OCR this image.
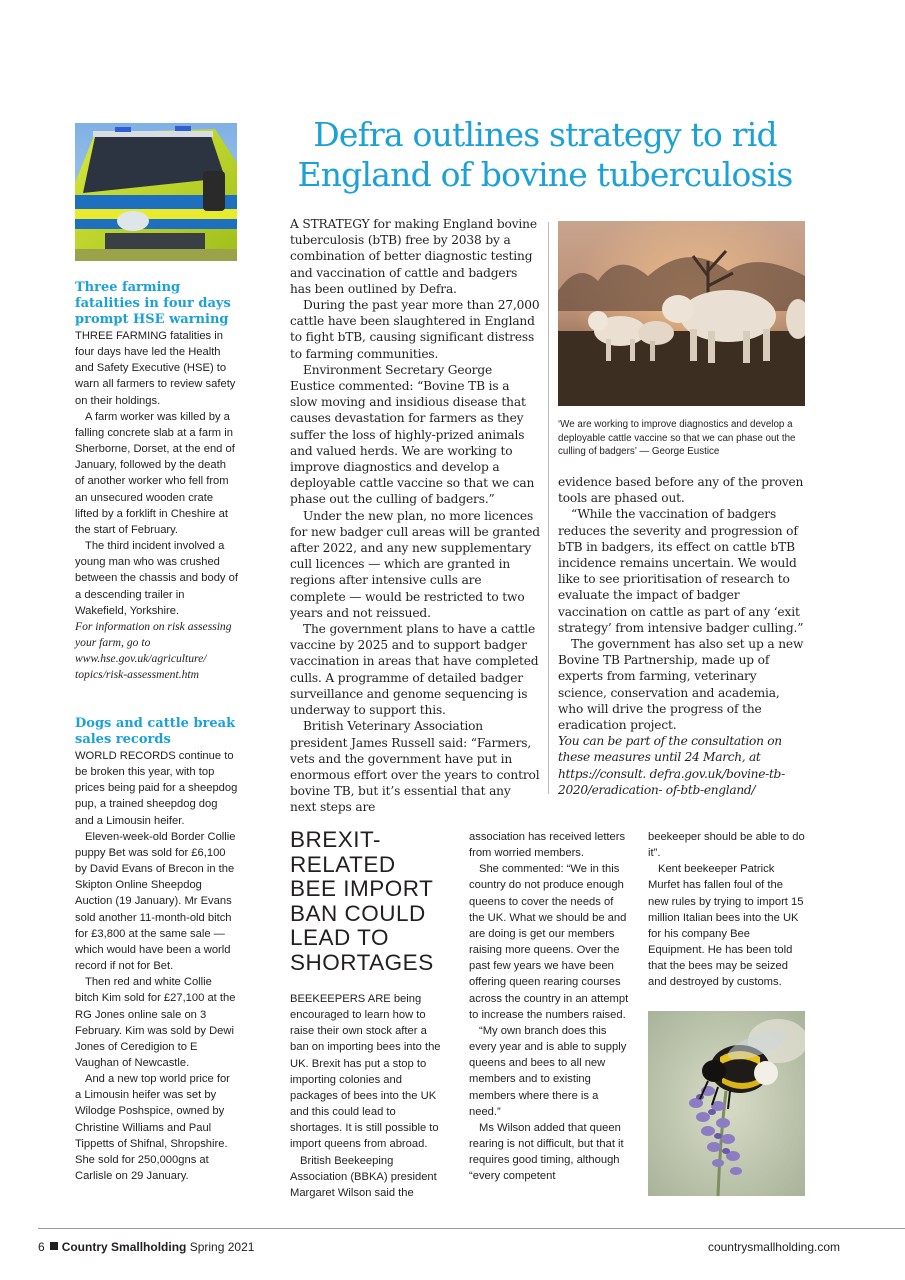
Three farming fatalities in four days prompt HSE warning

THREE FARMING fatalities in four days have led the Health and Safety Executive (HSE) to warn all farmers to review safety on their holdings.

A farm worker was killed by a falling concrete slab at a farm in Sherborne, Dorset, at the end of January, followed by the death of another worker who fell from an unsecured wooden crate lifted by a forklift in Cheshire at the start of February.

The third incident involved a young man who was crushed between the chassis and body of a descending trailer in Wakefield, Yorkshire.

For information on risk assessing your farm, go to www.hse.gov.uk/agriculture/ topics/risk-assessment.htm

Dogs and cattle break sales records

WORLD RECORDS continue to be broken this year, with top prices being paid for a sheepdog pup, a trained sheepdog dog and a Limousin heifer.

Eleven-week-old Border Collie puppy Bet was sold for £6,100 by David Evans of Brecon in the Skipton Online Sheepdog Auction (19 January). Mr Evans sold another 11-month-old bitch for £3,800 at the same sale — which would have been a world record if not for Bet.

Then red and white Collie bitch Kim sold for £27,100 at the RG Jones online sale on 3 February. Kim was sold by Dewi Jones of Ceredigion to E Vaughan of Newcastle.

And a new top world price for a Limousin heifer was set by Wilodge Poshspice, owned by Christine Williams and Paul Tippetts of Shifnal, Shropshire. She sold for 250,000gns at Carlisle on 29 January.

Defra outlines strategy to rid England of bovine tuberculosis

A STRATEGY for making England bovine tuberculosis (bTB) free by 2038 by a combination of better diagnostic testing and vaccination of cattle and badgers has been outlined by Defra.

During the past year more than 27,000 cattle have been slaughtered in England to fight bTB, causing significant distress to farming communities.

Environment Secretary George Eustice commented: “Bovine TB is a slow moving and insidious disease that causes devastation for farmers as they suffer the loss of highly-prized animals and valued herds. We are working to improve diagnostics and develop a deployable cattle vaccine so that we can phase out the culling of badgers.”

Under the new plan, no more licences for new badger cull areas will be granted after 2022, and any new supplementary cull licences — which are granted in regions after intensive culls are complete — would be restricted to two years and not reissued.

The government plans to have a cattle vaccine by 2025 and to support badger vaccination in areas that have completed culls. A programme of detailed badger surveillance and genome sequencing is underway to support this.

British Veterinary Association president James Russell said: “Farmers, vets and the government have put in enormous effort over the years to control bovine TB, but it’s essential that any next steps are

‘We are working to improve diagnostics and develop a deployable cattle vaccine so that we can phase out the culling of badgers’ — George Eustice

evidence based before any of the proven tools are phased out.

“While the vaccination of badgers reduces the severity and progression of bTB in badgers, its effect on cattle bTB incidence remains uncertain. We would like to see prioritisation of research to evaluate the impact of badger vaccination on cattle as part of any ‘exit strategy’ from intensive badger culling.”

The government has also set up a new Bovine TB Partnership, made up of experts from farming, veterinary science, conservation and academia, who will drive the progress of the eradication project.

You can be part of the consultation on these measures until 24 March, at https://consult. defra.gov.uk/bovine-tb-2020/eradication- of-btb-england/

BREXIT-RELATED BEE IMPORT BAN COULD LEAD TO SHORTAGES

BEEKEEPERS ARE being encouraged to learn how to raise their own stock after a ban on importing bees into the UK. Brexit has put a stop to importing colonies and packages of bees into the UK and this could lead to shortages. It is still possible to import queens from abroad.

British Beekeeping Association (BBKA) president Margaret Wilson said the

association has received letters from worried members.

She commented: “We in this country do not produce enough queens to cover the needs of the UK. What we should be and are doing is get our members raising more queens. Over the past few years we have been offering queen rearing courses across the country in an attempt to increase the numbers raised.

“My own branch does this every year and is able to supply queens and bees to all new members and to existing members where there is a need.”

Ms Wilson added that queen rearing is not difficult, but that it requires good timing, although “every competent

beekeeper should be able to do it”.

Kent beekeeper Patrick Murfet has fallen foul of the new rules by trying to import 15 million Italian bees into the UK for his company Bee Equipment. He has been told that the bees may be seized and destroyed by customs.

6 Country Smallholding Spring 2021	countrysmallholding.com
